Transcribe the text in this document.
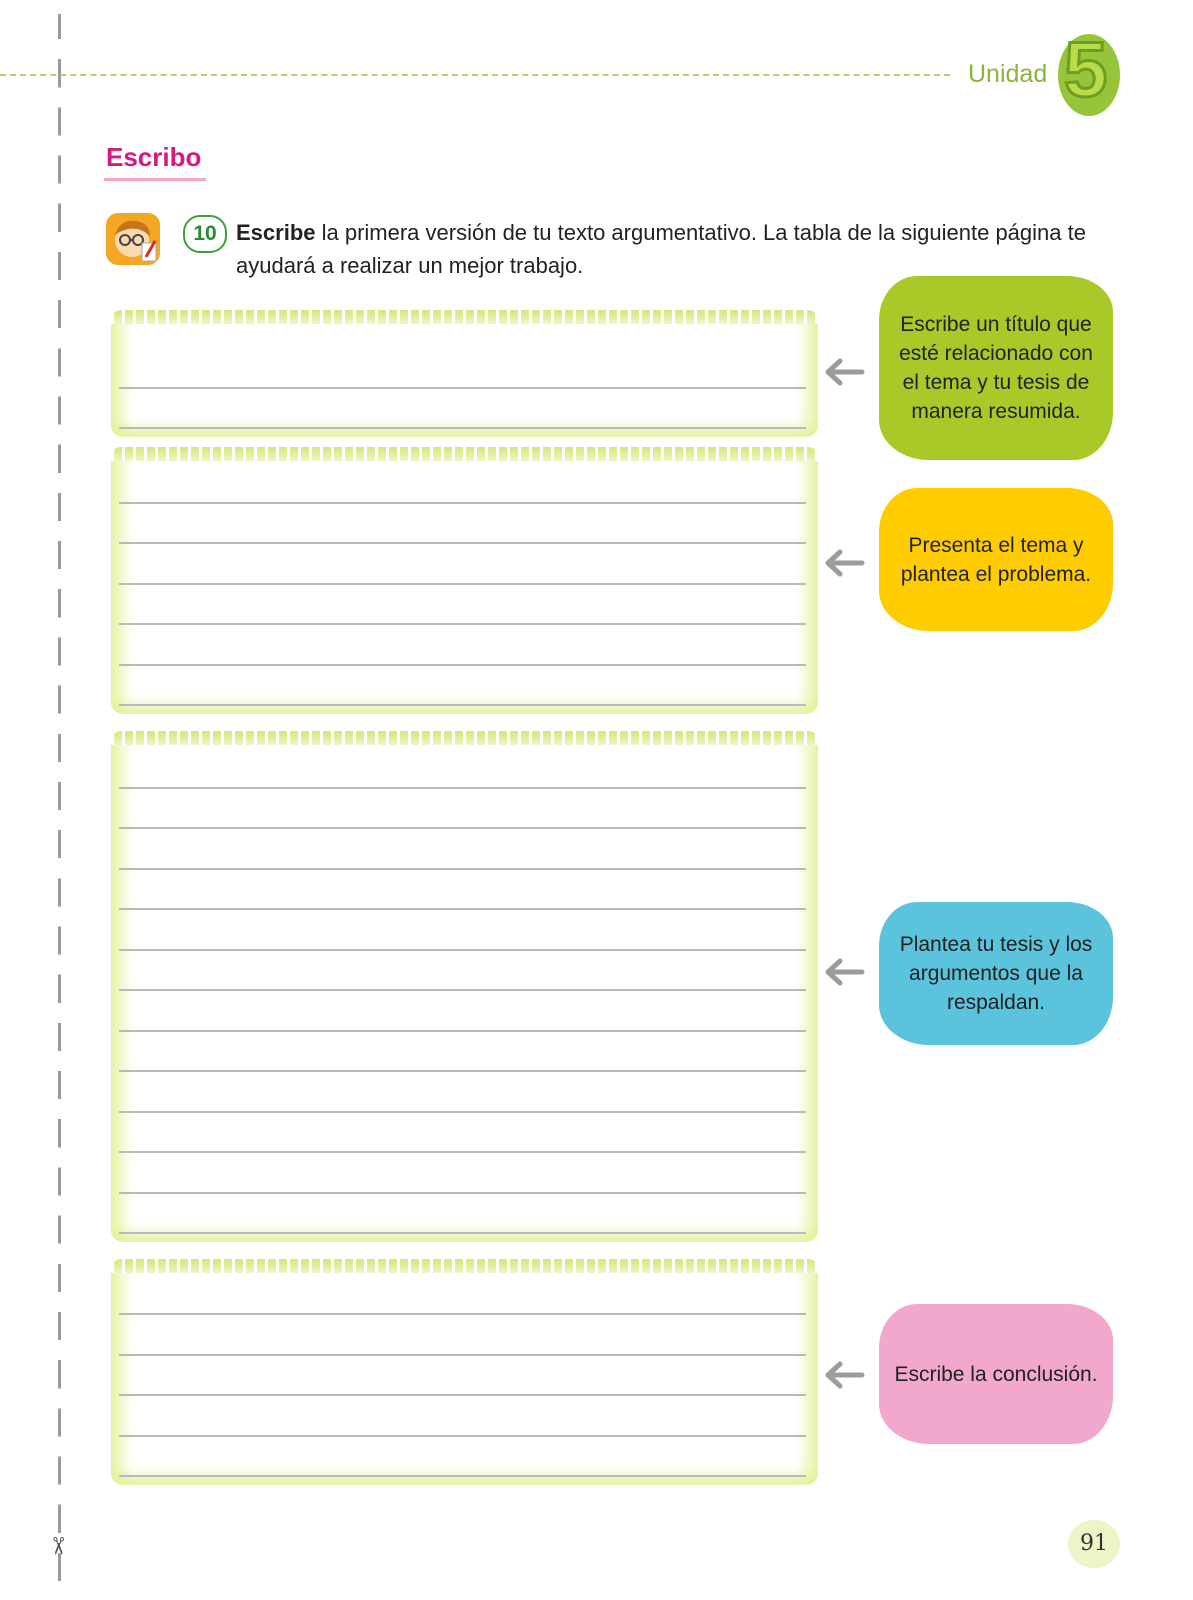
✂
Unidad 5
Escribo
10 Escribe la primera versión de tu texto argumentativo. La tabla de la siguiente página te ayudará a realizar un mejor trabajo.
Escribe un título que esté relacionado con el tema y tu tesis de manera resumida.
Presenta el tema y plantea el problema.
Plantea tu tesis y los argumentos que la respaldan.
Escribe la conclusión.
91
